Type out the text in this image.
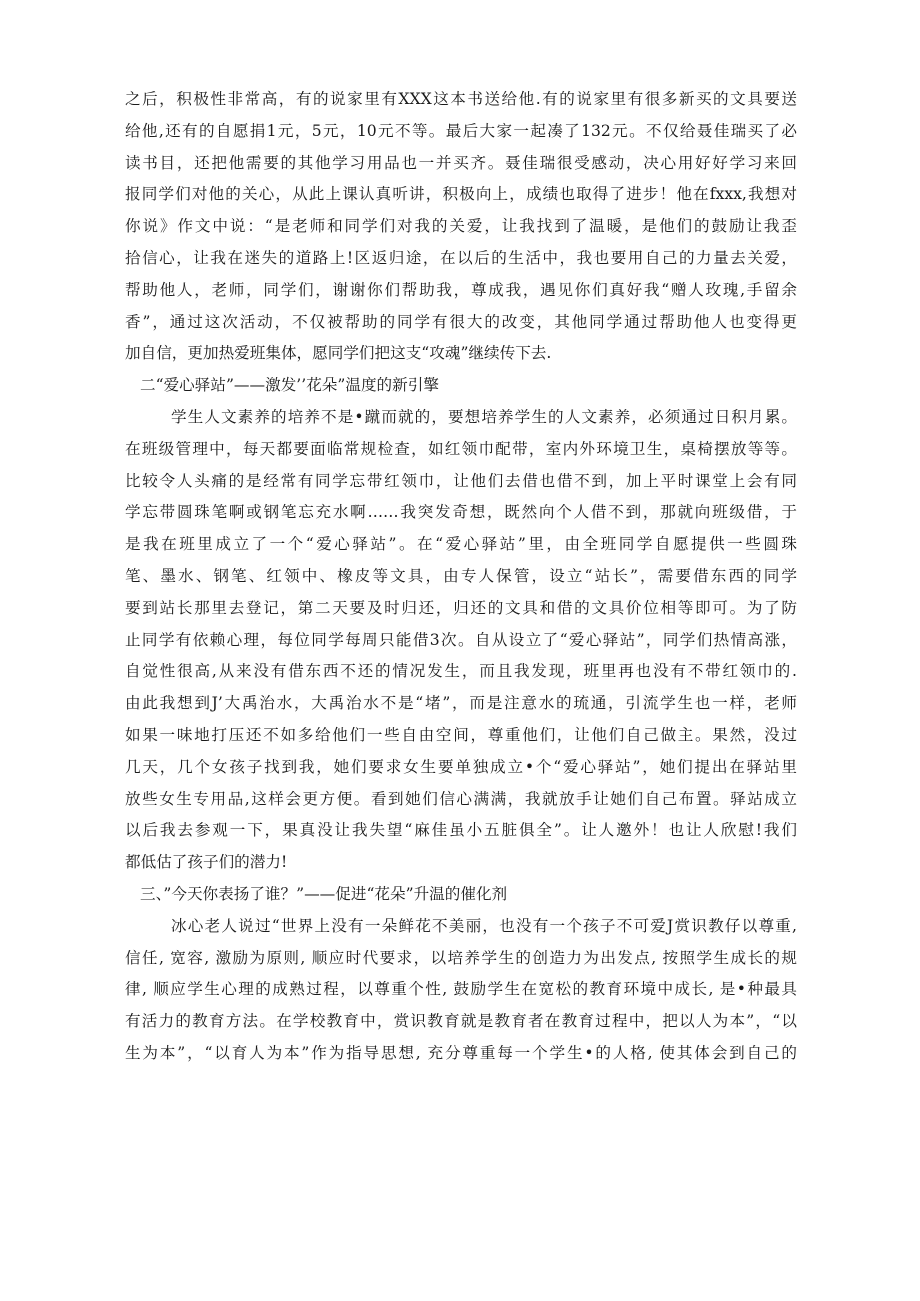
之后，积极性非常高，有的说家里有XXX这本书送给他.有的说家里有很多新买的文具要送
给他,还有的自愿捐1元，5元，10元不等。最后大家一起凑了132元。不仅给聂佳瑞买了必
读书目，还把他需要的其他学习用品也一并买齐。聂佳瑞很受感动，决心用好好学习来回
报同学们对他的关心，从此上课认真听讲，积极向上，成绩也取得了进步！他在fxxx,我想对
你说》作文中说：“是老师和同学们对我的关爱，让我找到了温暖，是他们的鼓励让我歪
拾信心，让我在迷失的道路上!区返归途，在以后的生活中，我也要用自己的力量去关爱，
帮助他人，老师，同学们，谢谢你们帮助我，尊成我，遇见你们真好我“赠人玫瑰,手留余
香”，通过这次活动，不仅被帮助的同学有很大的改变，其他同学通过帮助他人也变得更
加自信，更加热爱班集体，愿同学们把这支“攻魂”继续传下去.
二“爱心驿站”——激发’’花朵”温度的新引擎
学生人文素养的培养不是•蹴而就的，要想培养学生的人文素养，必须通过日积月累。
在班级管理中，每天都要面临常规检查，如红领巾配带，室内外环境卫生，桌椅摆放等等。
比较令人头痛的是经常有同学忘带红领巾，让他们去借也借不到，加上平时课堂上会有同
学忘带圆珠笔啊或钢笔忘充水啊……我突发奇想，既然向个人借不到，那就向班级借，于
是我在班里成立了一个“爱心驿站”。在“爱心驿站”里，由全班同学自愿提供一些圆珠
笔、墨水、钢笔、红领中、橡皮等文具，由专人保管，设立“站长”，需要借东西的同学
要到站长那里去登记，第二天要及时归还，归还的文具和借的文具价位相等即可。为了防
止同学有依赖心理，每位同学每周只能借3次。自从设立了“爱心驿站”，同学们热情高涨，
自觉性很高,从来没有借东西不还的情况发生，而且我发现，班里再也没有不带红领巾的.
由此我想到J’大禹治水，大禹治水不是“堵”，而是注意水的琉通，引流学生也一样，老师
如果一味地打压还不如多给他们一些自由空间，尊重他们，让他们自己做主。果然，没过
几天，几个女孩子找到我，她们要求女生要单独成立•个“爱心驿站”，她们提出在驿站里
放些女生专用品,这样会更方便。看到她们信心满满，我就放手让她们自己布置。驿站成立
以后我去参观一下，果真没让我失望“麻佳虽小五脏俱全”。让人邀外！也让人欣慰!我们
都低估了孩子们的潜力!
三、”今天你表扬了谁？”——促进“花朵”升温的催化剂
冰心老人说过“世界上没有一朵鲜花不美丽，也没有一个孩子不可爱J赏识教仔以尊重,
信任, 宽容, 激励为原则, 顺应时代要求，以培养学生的创造力为出发点, 按照学生成长的规
律, 顺应学生心理的成熟过程，以尊重个性, 鼓励学生在宽松的教育环境中成长, 是•种最具
有活力的教育方法。在学校教育中，赏识教育就是教育者在教育过程中，把以人为本”，“以
生为本”，“以育人为本”作为指导思想, 充分尊重每一个学生•的人格, 使其体会到自己的
